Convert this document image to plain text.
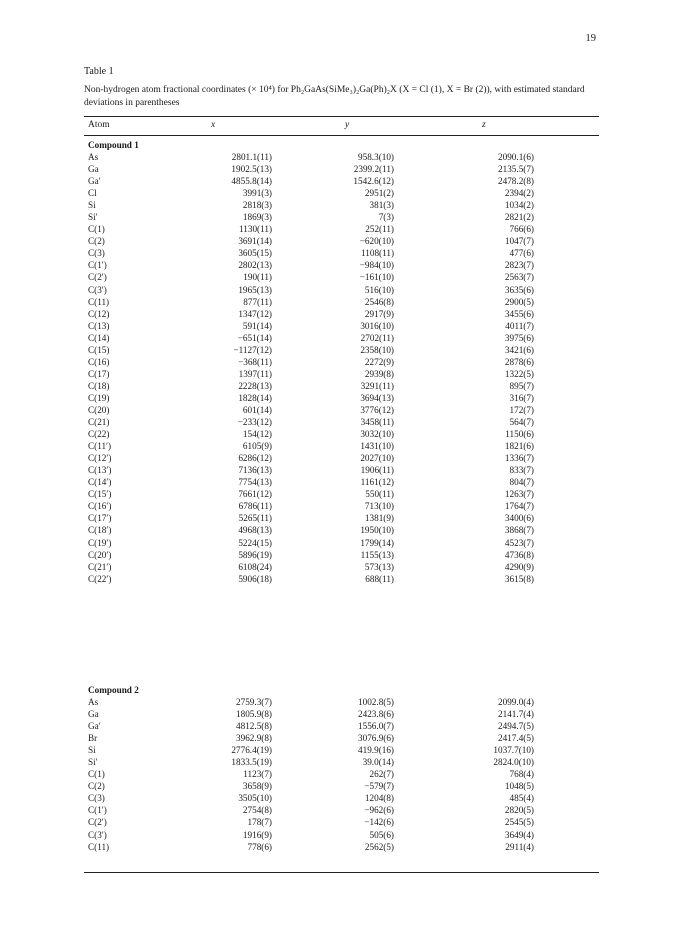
19
Table 1
Non-hydrogen atom fractional coordinates (× 10⁴) for Ph₂GaAs(SiMe₃)₂Ga(Ph)₂X (X = Cl (1), X = Br (2)), with estimated standard deviations in parentheses
Atom	x	y	z
Compound 1
As	2801.1(11)	958.3(10)	2090.1(6)
Ga	1902.5(13)	2399.2(11)	2135.5(7)
Ga′	4855.8(14)	1542.6(12)	2478.2(8)
Cl	3991(3)	2951(2)	2394(2)
Si	2818(3)	381(3)	1034(2)
Si′	1869(3)	7(3)	2821(2)
C(1)	1130(11)	252(11)	766(6)
C(2)	3691(14)	−620(10)	1047(7)
C(3)	3605(15)	1108(11)	477(6)
C(1′)	2802(13)	−984(10)	2823(7)
C(2′)	190(11)	−161(10)	2563(7)
C(3′)	1965(13)	516(10)	3635(6)
C(11)	877(11)	2546(8)	2900(5)
C(12)	1347(12)	2917(9)	3455(6)
C(13)	591(14)	3016(10)	4011(7)
C(14)	−651(14)	2702(11)	3975(6)
C(15)	−1127(12)	2358(10)	3421(6)
C(16)	−368(11)	2272(9)	2878(6)
C(17)	1397(11)	2939(8)	1322(5)
C(18)	2228(13)	3291(11)	895(7)
C(19)	1828(14)	3694(13)	316(7)
C(20)	601(14)	3776(12)	172(7)
C(21)	−233(12)	3458(11)	564(7)
C(22)	154(12)	3032(10)	1150(6)
C(11′)	6105(9)	1431(10)	1821(6)
C(12′)	6286(12)	2027(10)	1336(7)
C(13′)	7136(13)	1906(11)	833(7)
C(14′)	7754(13)	1161(12)	804(7)
C(15′)	7661(12)	550(11)	1263(7)
C(16′)	6786(11)	713(10)	1764(7)
C(17′)	5265(11)	1381(9)	3400(6)
C(18′)	4968(13)	1950(10)	3868(7)
C(19′)	5224(15)	1799(14)	4523(7)
C(20′)	5896(19)	1155(13)	4736(8)
C(21′)	6108(24)	573(13)	4290(9)
C(22′)	5906(18)	688(11)	3615(8)
Compound 2
As	2759.3(7)	1002.8(5)	2099.0(4)
Ga	1805.9(8)	2423.8(6)	2141.7(4)
Ga′	4812.5(8)	1556.0(7)	2494.7(5)
Br	3962.9(8)	3076.9(6)	2417.4(5)
Si	2776.4(19)	419.9(16)	1037.7(10)
Si′	1833.5(19)	39.0(14)	2824.0(10)
C(1)	1123(7)	262(7)	768(4)
C(2)	3658(9)	−579(7)	1048(5)
C(3)	3505(10)	1204(8)	485(4)
C(1′)	2754(8)	−962(6)	2820(5)
C(2′)	178(7)	−142(6)	2545(5)
C(3′)	1916(9)	505(6)	3649(4)
C(11)	778(6)	2562(5)	2911(4)
